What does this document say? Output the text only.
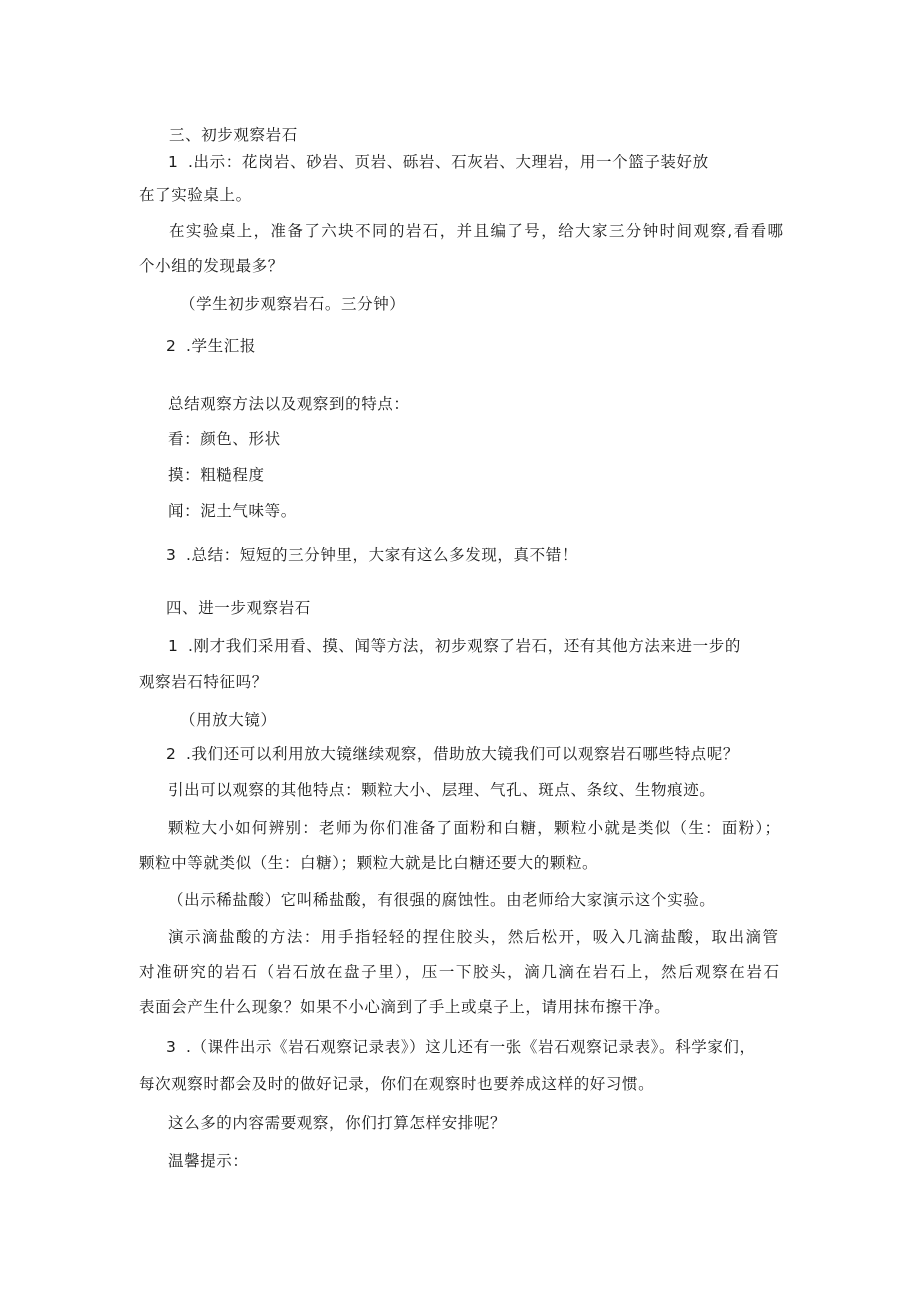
三、初步观察岩石
1 .出示：花岗岩、砂岩、页岩、砾岩、石灰岩、大理岩，用一个篮子装好放
在了实验桌上。
在实验桌上，准备了六块不同的岩石，并且编了号，给大家三分钟时间观察,看看哪
个小组的发现最多？
（学生初步观察岩石。三分钟）
2 .学生汇报
总结观察方法以及观察到的特点：
看：颜色、形状
摸：粗糙程度
闻：泥土气味等。
3 .总结：短短的三分钟里，大家有这么多发现，真不错！
四、进一步观察岩石
1 .刚才我们采用看、摸、闻等方法，初步观察了岩石，还有其他方法来进一步的
观察岩石特征吗？
（用放大镜）
2 .我们还可以利用放大镜继续观察，借助放大镜我们可以观察岩石哪些特点呢？
引出可以观察的其他特点：颗粒大小、层理、气孔、斑点、条纹、生物痕迹。
颗粒大小如何辨别：老师为你们准备了面粉和白糖，颗粒小就是类似（生：面粉）；
颗粒中等就类似（生：白糖）；颗粒大就是比白糖还要大的颗粒。
（出示稀盐酸）它叫稀盐酸，有很强的腐蚀性。由老师给大家演示这个实验。
演示滴盐酸的方法：用手指轻轻的捏住胶头，然后松开，吸入几滴盐酸，取出滴管
对准研究的岩石（岩石放在盘子里），压一下胶头，滴几滴在岩石上，然后观察在岩石
表面会产生什么现象？如果不小心滴到了手上或桌子上，请用抹布擦干净。
3 .（课件出示《岩石观察记录表》）这儿还有一张《岩石观察记录表》。科学家们，
每次观察时都会及时的做好记录，你们在观察时也要养成这样的好习惯。
这么多的内容需要观察，你们打算怎样安排呢？
温馨提示：
